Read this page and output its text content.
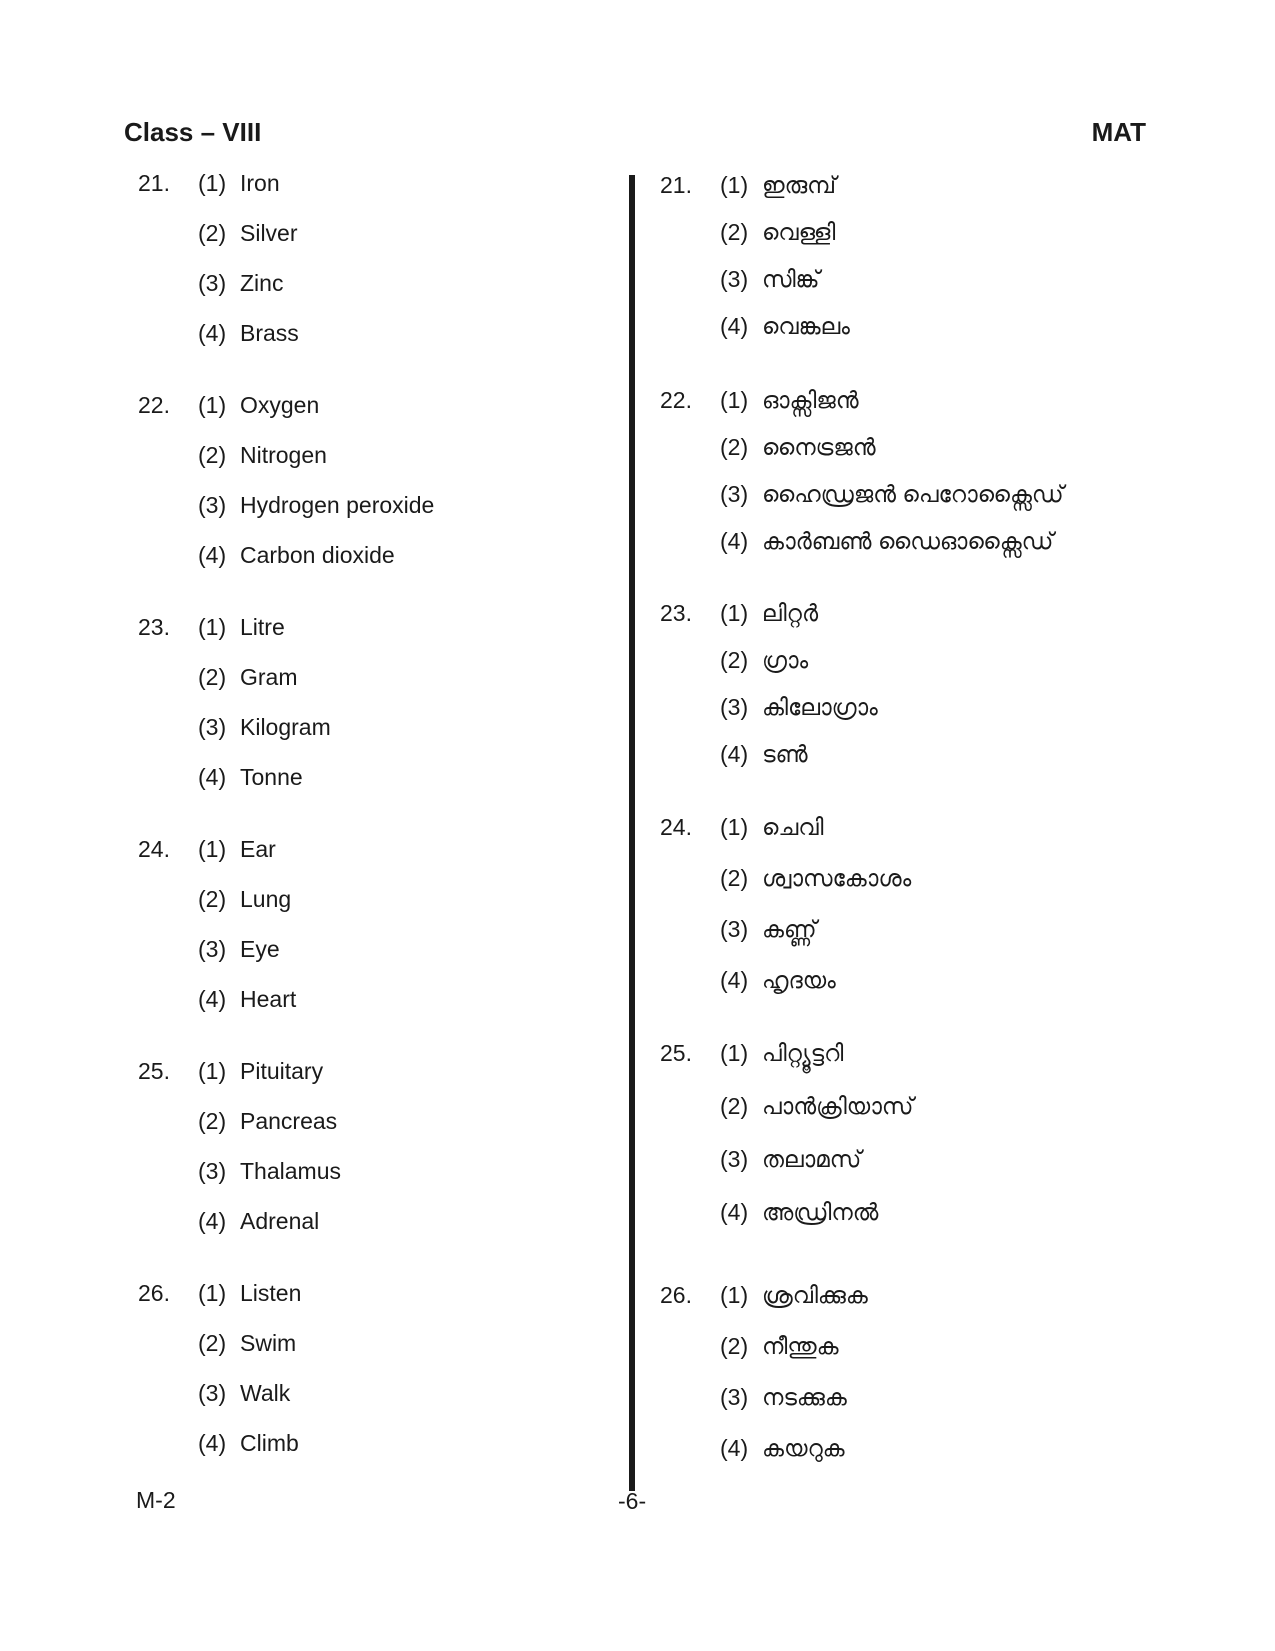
Class – VIII	MAT
21. (1) Iron
(2) Silver
(3) Zinc
(4) Brass
22. (1) Oxygen
(2) Nitrogen
(3) Hydrogen peroxide
(4) Carbon dioxide
23. (1) Litre
(2) Gram
(3) Kilogram
(4) Tonne
24. (1) Ear
(2) Lung
(3) Eye
(4) Heart
25. (1) Pituitary
(2) Pancreas
(3) Thalamus
(4) Adrenal
26. (1) Listen
(2) Swim
(3) Walk
(4) Climb
21. (1) ഇരുമ്പ്
(2) വെള്ളി
(3) സിങ്ക്
(4) വെങ്കലം
22. (1) ഓക്സിജൻ
(2) നൈട്രജൻ
(3) ഹൈഡ്രജൻ പെറോക്സൈഡ്
(4) കാർബൺ ഡൈഓക്സൈഡ്
23. (1) ലിറ്റർ
(2) ഗ്രാം
(3) കിലോഗ്രാം
(4) ടൺ
24. (1) ചെവി
(2) ശ്വാസകോശം
(3) കണ്ണ്
(4) ഹൃദയം
25. (1) പിറ്റ്യൂട്ടറി
(2) പാൻക്രിയാസ്
(3) തലാമസ്
(4) അഡ്രിനൽ
26. (1) ശ്രവിക്കുക
(2) നീന്തുക
(3) നടക്കുക
(4) കയറുക
M-2	-6-
